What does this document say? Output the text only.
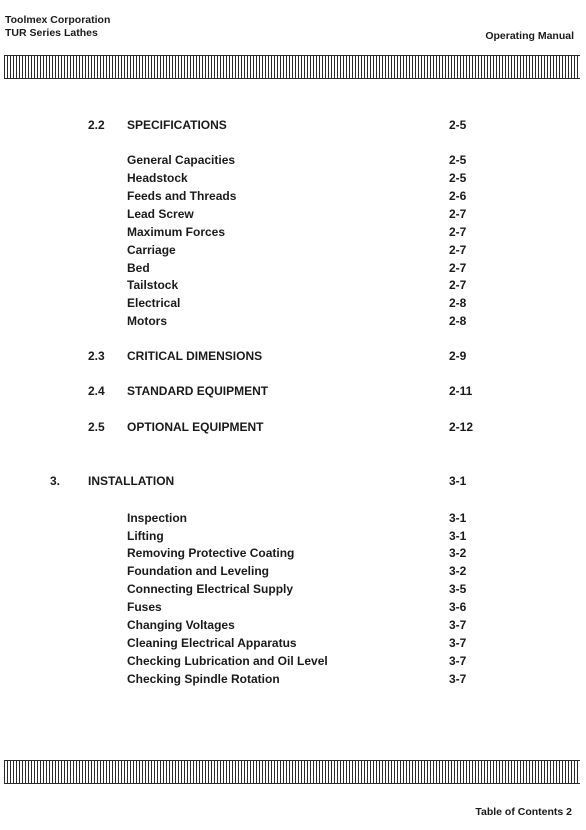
Toolmex Corporation
TUR Series Lathes	Operating Manual
2.2 SPECIFICATIONS	2-5
General Capacities	2-5
Headstock	2-5
Feeds and Threads	2-6
Lead Screw	2-7
Maximum Forces	2-7
Carriage	2-7
Bed	2-7
Tailstock	2-7
Electrical	2-8
Motors	2-8
2.3 CRITICAL DIMENSIONS	2-9
2.4 STANDARD EQUIPMENT	2-11
2.5 OPTIONAL EQUIPMENT	2-12
3. INSTALLATION	3-1
Inspection	3-1
Lifting	3-1
Removing Protective Coating	3-2
Foundation and Leveling	3-2
Connecting Electrical Supply	3-5
Fuses	3-6
Changing Voltages	3-7
Cleaning Electrical Apparatus	3-7
Checking Lubrication and Oil Level	3-7
Checking Spindle Rotation	3-7
Table of Contents 2
